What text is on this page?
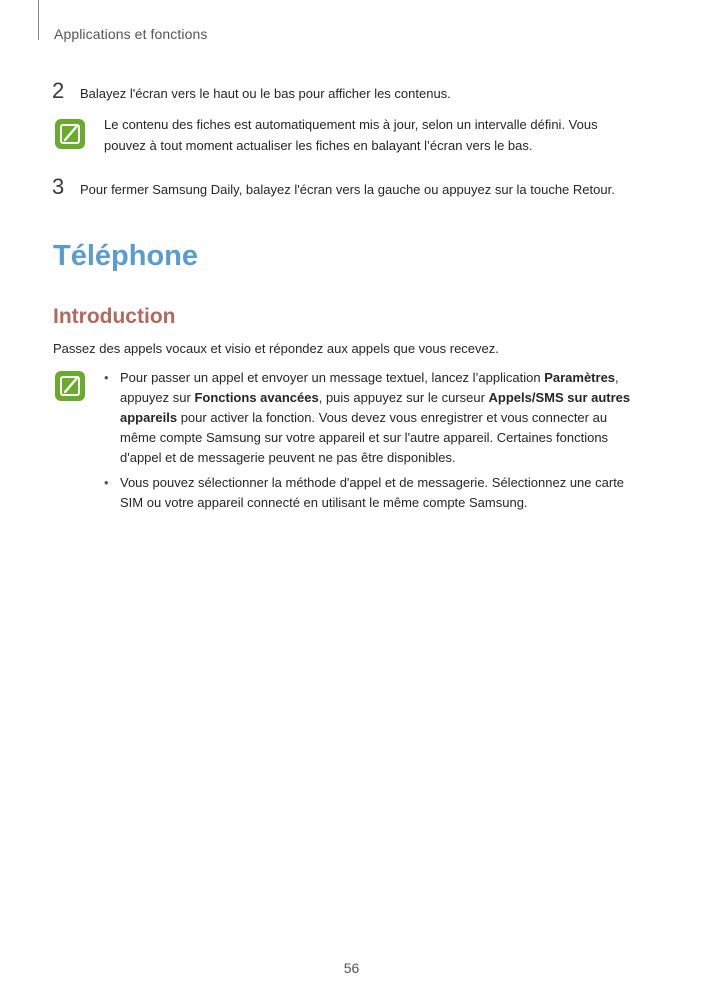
Applications et fonctions
2	Balayez l'écran vers le haut ou le bas pour afficher les contenus.
Le contenu des fiches est automatiquement mis à jour, selon un intervalle défini. Vous
pouvez à tout moment actualiser les fiches en balayant l’écran vers le bas.
3	Pour fermer Samsung Daily, balayez l'écran vers la gauche ou appuyez sur la touche Retour.
Téléphone
Introduction
Passez des appels vocaux et visio et répondez aux appels que vous recevez.
• Pour passer un appel et envoyer un message textuel, lancez l’application Paramètres, appuyez sur Fonctions avancées, puis appuyez sur le curseur Appels/SMS sur autres appareils pour activer la fonction. Vous devez vous enregistrer et vous connecter au même compte Samsung sur votre appareil et sur l'autre appareil. Certaines fonctions d'appel et de messagerie peuvent ne pas être disponibles.
• Vous pouvez sélectionner la méthode d'appel et de messagerie. Sélectionnez une carte SIM ou votre appareil connecté en utilisant le même compte Samsung.
56
